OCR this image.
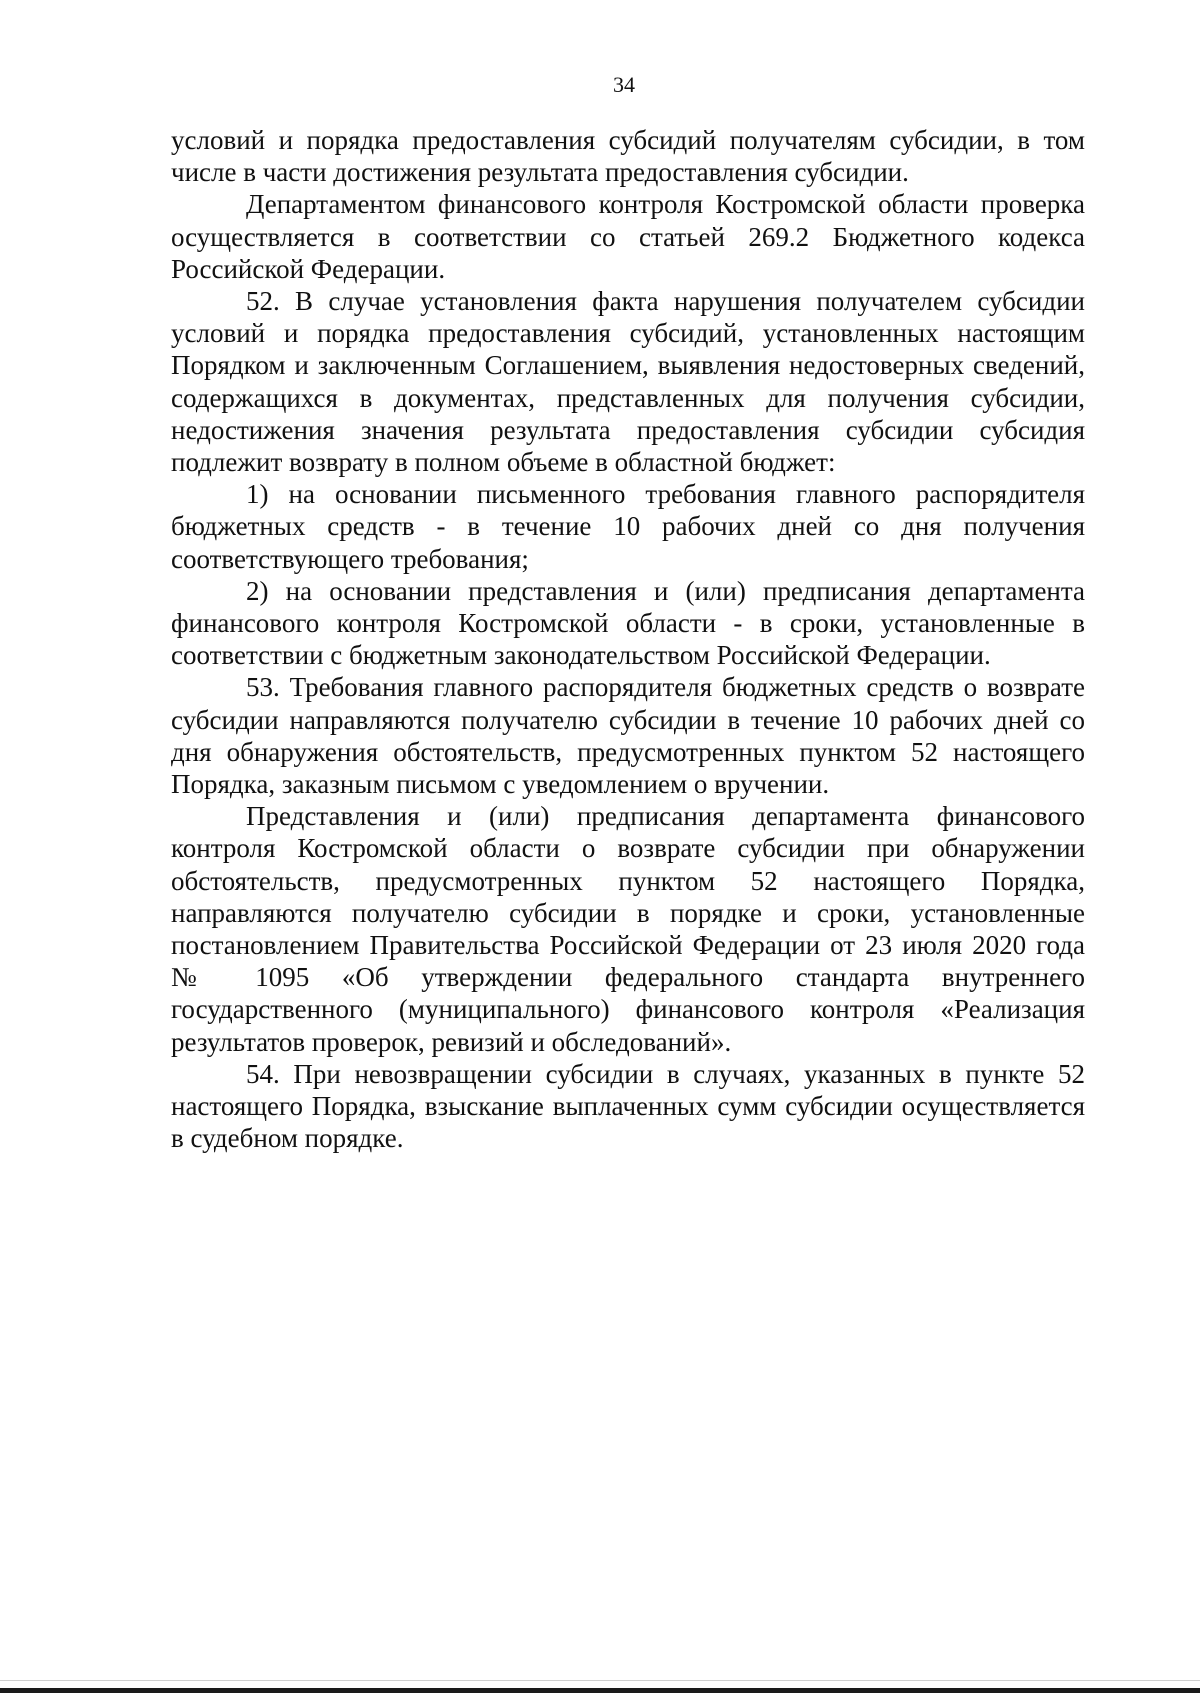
34

условий и порядка предоставления субсидий получателям субсидии, в том числе в части достижения результата предоставления субсидии.

Департаментом финансового контроля Костромской области проверка осуществляется в соответствии со статьей 269.2 Бюджетного кодекса Российской Федерации.

52. В случае установления факта нарушения получателем субсидии условий и порядка предоставления субсидий, установленных настоящим Порядком и заключенным Соглашением, выявления недостоверных сведений, содержащихся в документах, представленных для получения субсидии, недостижения значения результата предоставления субсидии субсидия подлежит возврату в полном объеме в областной бюджет:

1) на основании письменного требования главного распорядителя бюджетных средств - в течение 10 рабочих дней со дня получения соответствующего требования;

2) на основании представления и (или) предписания департамента финансового контроля Костромской области - в сроки, установленные в соответствии с бюджетным законодательством Российской Федерации.

53. Требования главного распорядителя бюджетных средств о возврате субсидии направляются получателю субсидии в течение 10 рабочих дней со дня обнаружения обстоятельств, предусмотренных пунктом 52 настоящего Порядка, заказным письмом с уведомлением о вручении.

Представления и (или) предписания департамента финансового контроля Костромской области о возврате субсидии при обнаружении обстоятельств, предусмотренных пунктом 52 настоящего Порядка, направляются получателю субсидии в порядке и сроки, установленные постановлением Правительства Российской Федерации от 23 июля 2020 года № 1095 «Об утверждении федерального стандарта внутреннего государственного (муниципального) финансового контроля «Реализация результатов проверок, ревизий и обследований».

54. При невозвращении субсидии в случаях, указанных в пункте 52 настоящего Порядка, взыскание выплаченных сумм субсидии осуществляется в судебном порядке.
